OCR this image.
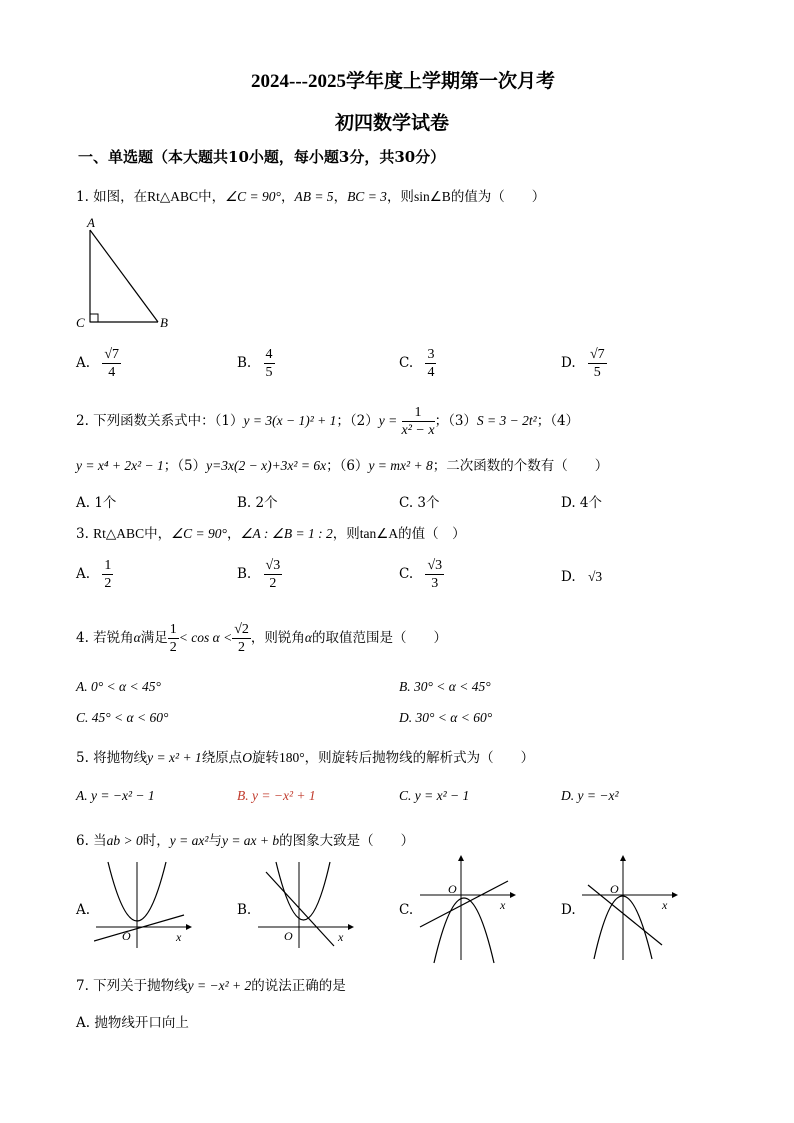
2024---2025学年度上学期第一次月考
初四数学试卷
一、单选题（本大题共10小题，每小题3分，共30分）
1. 如图，在Rt△ABC中，∠C = 90°，AB = 5，BC = 3，则sin∠B的值为（　　）
A
C	B
A. $\frac{√7}{4}$	B. $\frac{4}{5}$	C. $\frac{3}{4}$	D. $\frac{√7}{5}$
2. 下列函数关系式中：（1）y = 3(x − 1)² + 1；$(2)y = \frac{1}{\text{x² − x}}$ ；（3）S = 3 − 2t²；（4）
y = x⁴ + 2x² − 1；（5）y=3x(2 − x)+3x² = 6x；（6）y = mx² + 8；二次函数的个数有（　　）
A. 1个	B. 2个	C. 3个	D. 4个
3. Rt△ABC中，∠C = 90°，∠A : ∠B = 1 : 2，则tan∠A的值（　）
A. $\frac{1}{2}$	B. $\frac{√3}{2}$	C. $\frac{√3}{3}$	D. √3
4. 若锐角α满足 $\frac{1}{2} < \cos \alpha < \frac{√2}{2}$ ，则锐角α的取值范围是（　　）
A. 0° < α < 45°	B. 30° < α < 45°
C. 45° < α < 60°	D. 30° < α < 60°
5. 将抛物线y = x² + 1绕原点O旋转180°，则旋转后抛物线的解析式为（　　）
A. y = −x² − 1	B. y = −x² + 1	C. y = x² − 1	D. y = −x²
6. 当ab > 0时，y = ax²与y = ax + b的图象大致是（　　）
A.
O	x
B.
O	x
C.
O
x	D.
O
x
7. 下列关于抛物线y = −x² + 2的说法正确的是
A. 抛物线开口向上
